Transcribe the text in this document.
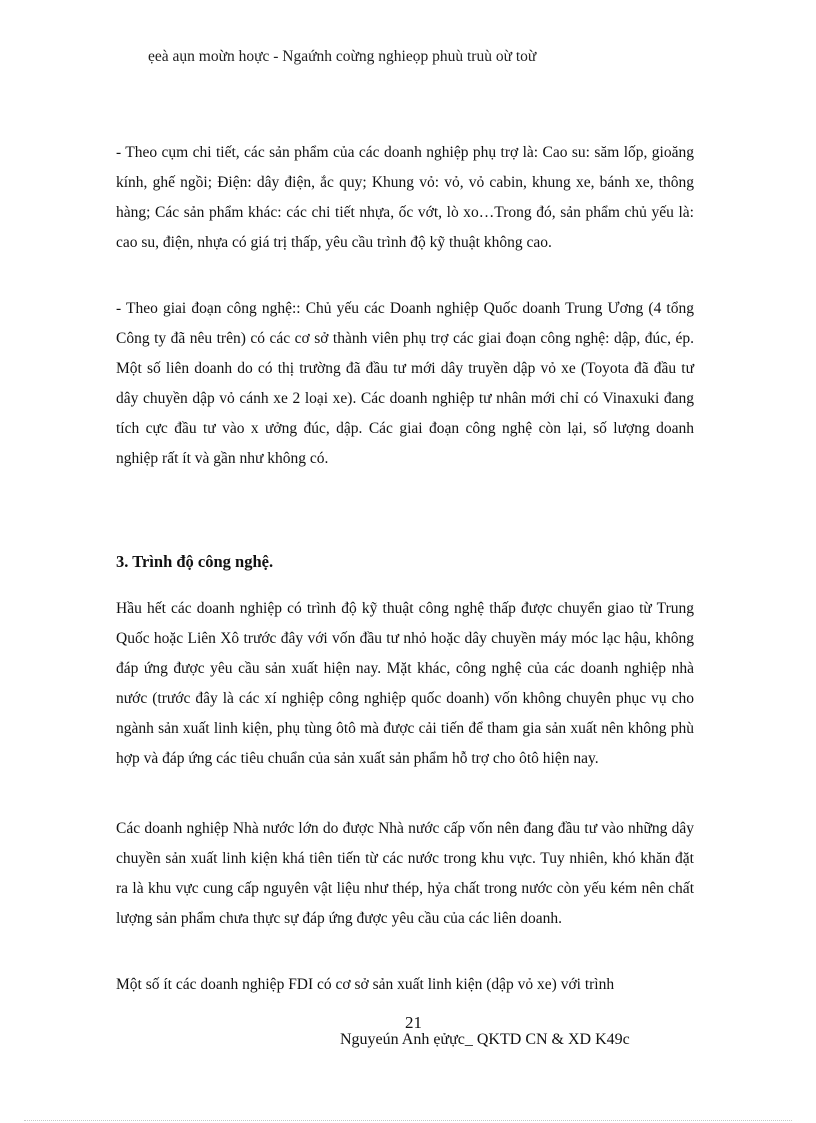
ẹeà aụn moừn hoực - Ngaứnh coừng nghieọp phuù truù oừ toừ

- Theo cụm chi tiết, các sản phẩm của các doanh nghiệp phụ trợ là: Cao su: săm lốp, gioăng kính, ghế ngồi; Điện: dây điện, ắc quy; Khung vỏ: vỏ, vỏ cabin, khung xe, bánh xe, thông hàng; Các sản phẩm khác: các chi tiết nhựa, ốc vớt, lò xo…Trong đó, sản phẩm chủ yếu là: cao su, điện, nhựa có giá trị thấp, yêu cầu trình độ kỹ thuật không cao.

- Theo giai đoạn công nghệ:: Chủ yếu các Doanh nghiệp Quốc doanh Trung Ương (4 tổng Công ty đã nêu trên) có các cơ sở thành viên phụ trợ các giai đoạn công nghệ: dập, đúc, ép. Một số liên doanh do có thị trường đã đầu tư mới dây truyền dập vỏ xe (Toyota đã đầu tư dây chuyền dập vỏ cánh xe 2 loại xe). Các doanh nghiệp tư nhân mới chỉ có Vinaxuki đang tích cực đầu tư vào x ưởng đúc, dập. Các giai đoạn công nghệ còn lại, số lượng doanh nghiệp rất ít và gần như không có.

3. Trình độ công nghệ.

Hầu hết các doanh nghiệp có trình độ kỹ thuật công nghệ thấp được chuyển giao từ Trung Quốc hoặc Liên Xô trước đây với vốn đầu tư nhỏ hoặc dây chuyền máy móc lạc hậu, không đáp ứng được yêu cầu sản xuất hiện nay. Mặt khác, công nghệ của các doanh nghiệp nhà nước (trước đây là các xí nghiệp công nghiệp quốc doanh) vốn không chuyên phục vụ cho ngành sản xuất linh kiện, phụ tùng ôtô mà được cải tiến để tham gia sản xuất nên không phù hợp và đáp ứng các tiêu chuẩn của sản xuất sản phẩm hỗ trợ cho ôtô hiện nay.

Các doanh nghiệp Nhà nước lớn do được Nhà nước cấp vốn nên đang đầu tư vào những dây chuyền sản xuất linh kiện khá tiên tiến từ các nước trong khu vực. Tuy nhiên, khó khăn đặt ra là khu vực cung cấp nguyên vật liệu như thép, hỷa chất trong nước còn yếu kém nên chất lượng sản phẩm chưa thực sự đáp ứng được yêu cầu của các liên doanh.

Một số ít các doanh nghiệp FDI có cơ sở sản xuất linh kiện (dập vỏ xe) với trình

21
Nguyeún Anh ẹửực_ QKTD CN & XD K49c
